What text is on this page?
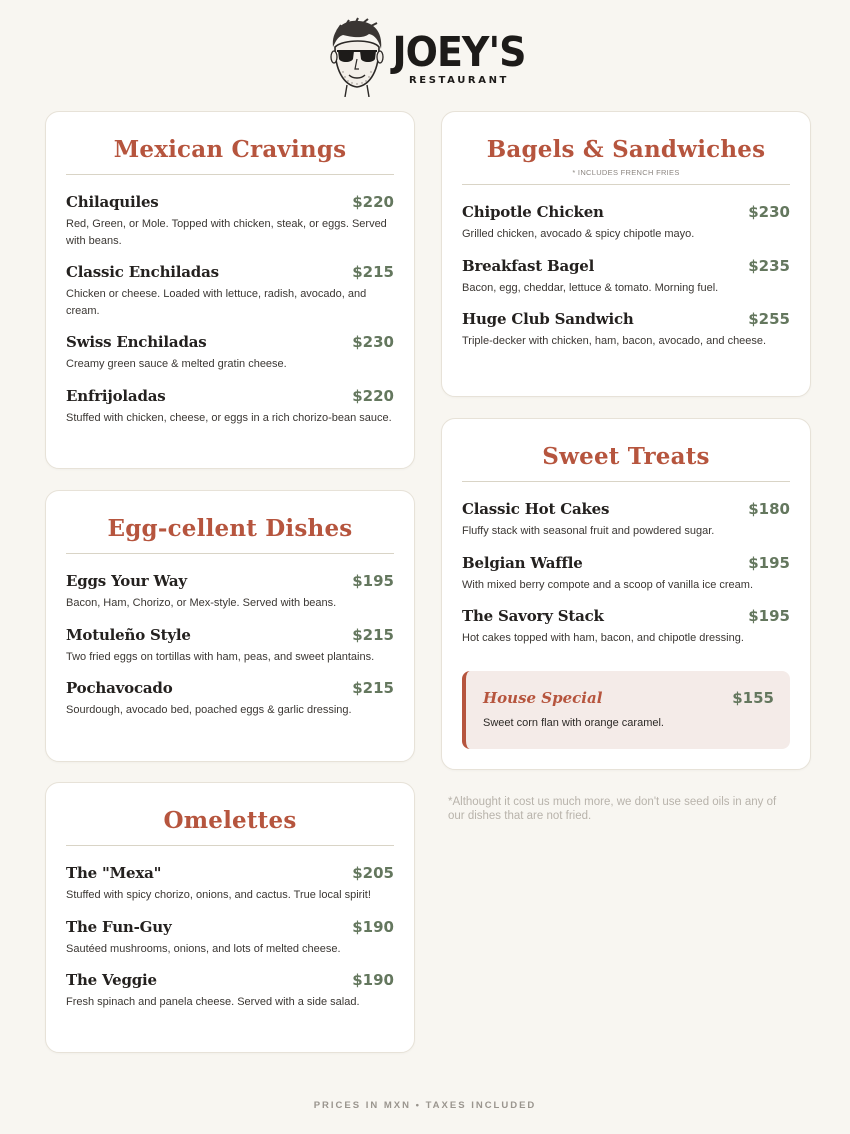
JOEY'S
RESTAURANT
Mexican Cravings
Chilaquiles	$220
Red, Green, or Mole. Topped with chicken, steak, or eggs. Served with beans.
Classic Enchiladas	$215
Chicken or cheese. Loaded with lettuce, radish, avocado, and cream.
Swiss Enchiladas	$230
Creamy green sauce & melted gratin cheese.
Enfrijoladas	$220
Stuffed with chicken, cheese, or eggs in a rich chorizo-bean sauce.
Egg-cellent Dishes
Eggs Your Way	$195
Bacon, Ham, Chorizo, or Mex-style. Served with beans.
Motuleño Style	$215
Two fried eggs on tortillas with ham, peas, and sweet plantains.
Pochavocado	$215
Sourdough, avocado bed, poached eggs & garlic dressing.
Omelettes
The "Mexa"	$205
Stuffed with spicy chorizo, onions, and cactus. True local spirit!
The Fun-Guy	$190
Sautéed mushrooms, onions, and lots of melted cheese.
The Veggie	$190
Fresh spinach and panela cheese. Served with a side salad.
Bagels & Sandwiches
* INCLUDES FRENCH FRIES
Chipotle Chicken	$230
Grilled chicken, avocado & spicy chipotle mayo.
Breakfast Bagel	$235
Bacon, egg, cheddar, lettuce & tomato. Morning fuel.
Huge Club Sandwich	$255
Triple-decker with chicken, ham, bacon, avocado, and cheese.
Sweet Treats
Classic Hot Cakes	$180
Fluffy stack with seasonal fruit and powdered sugar.
Belgian Waffle	$195
With mixed berry compote and a scoop of vanilla ice cream.
The Savory Stack	$195
Hot cakes topped with ham, bacon, and chipotle dressing.
House Special	$155
Sweet corn flan with orange caramel.
*Althought it cost us much more, we don't use seed oils in any of our dishes that are not fried.
PRICES IN MXN • TAXES INCLUDED
